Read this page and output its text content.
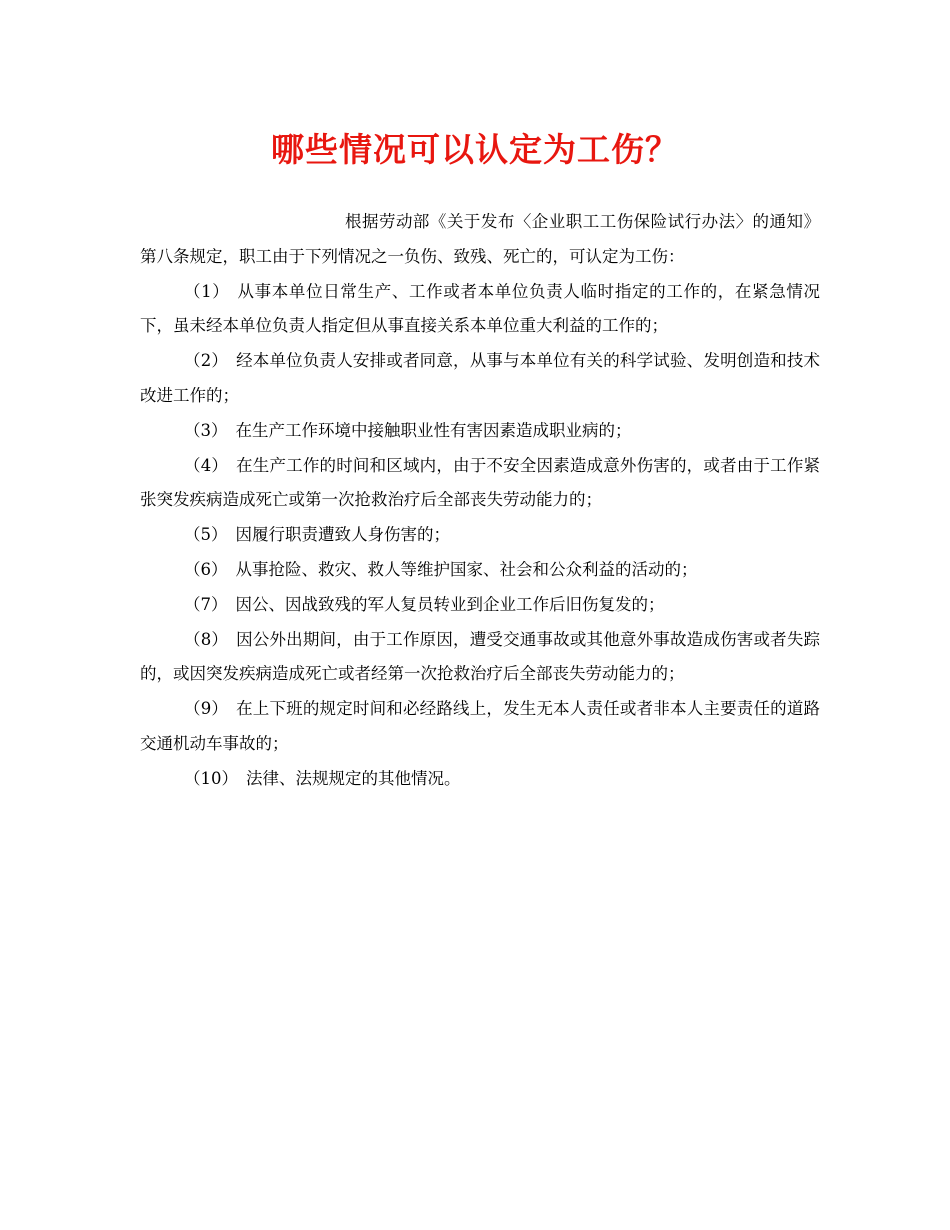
哪些情况可以认定为工伤？

根据劳动部《关于发布〈企业职工工伤保险试行办法〉的通知》第八条规定，职工由于下列情况之一负伤、致残、死亡的，可认定为工伤：

（1） 从事本单位日常生产、工作或者本单位负责人临时指定的工作的，在紧急情况下，虽未经本单位负责人指定但从事直接关系本单位重大利益的工作的；

（2） 经本单位负责人安排或者同意，从事与本单位有关的科学试验、发明创造和技术改进工作的；

（3） 在生产工作环境中接触职业性有害因素造成职业病的；

（4） 在生产工作的时间和区域内，由于不安全因素造成意外伤害的，或者由于工作紧张突发疾病造成死亡或第一次抢救治疗后全部丧失劳动能力的；

（5） 因履行职责遭致人身伤害的；

（6） 从事抢险、救灾、救人等维护国家、社会和公众利益的活动的；

（7） 因公、因战致残的军人复员转业到企业工作后旧伤复发的；

（8） 因公外出期间，由于工作原因，遭受交通事故或其他意外事故造成伤害或者失踪的，或因突发疾病造成死亡或者经第一次抢救治疗后全部丧失劳动能力的；

（9） 在上下班的规定时间和必经路线上，发生无本人责任或者非本人主要责任的道路交通机动车事故的；

（10） 法律、法规规定的其他情况。
